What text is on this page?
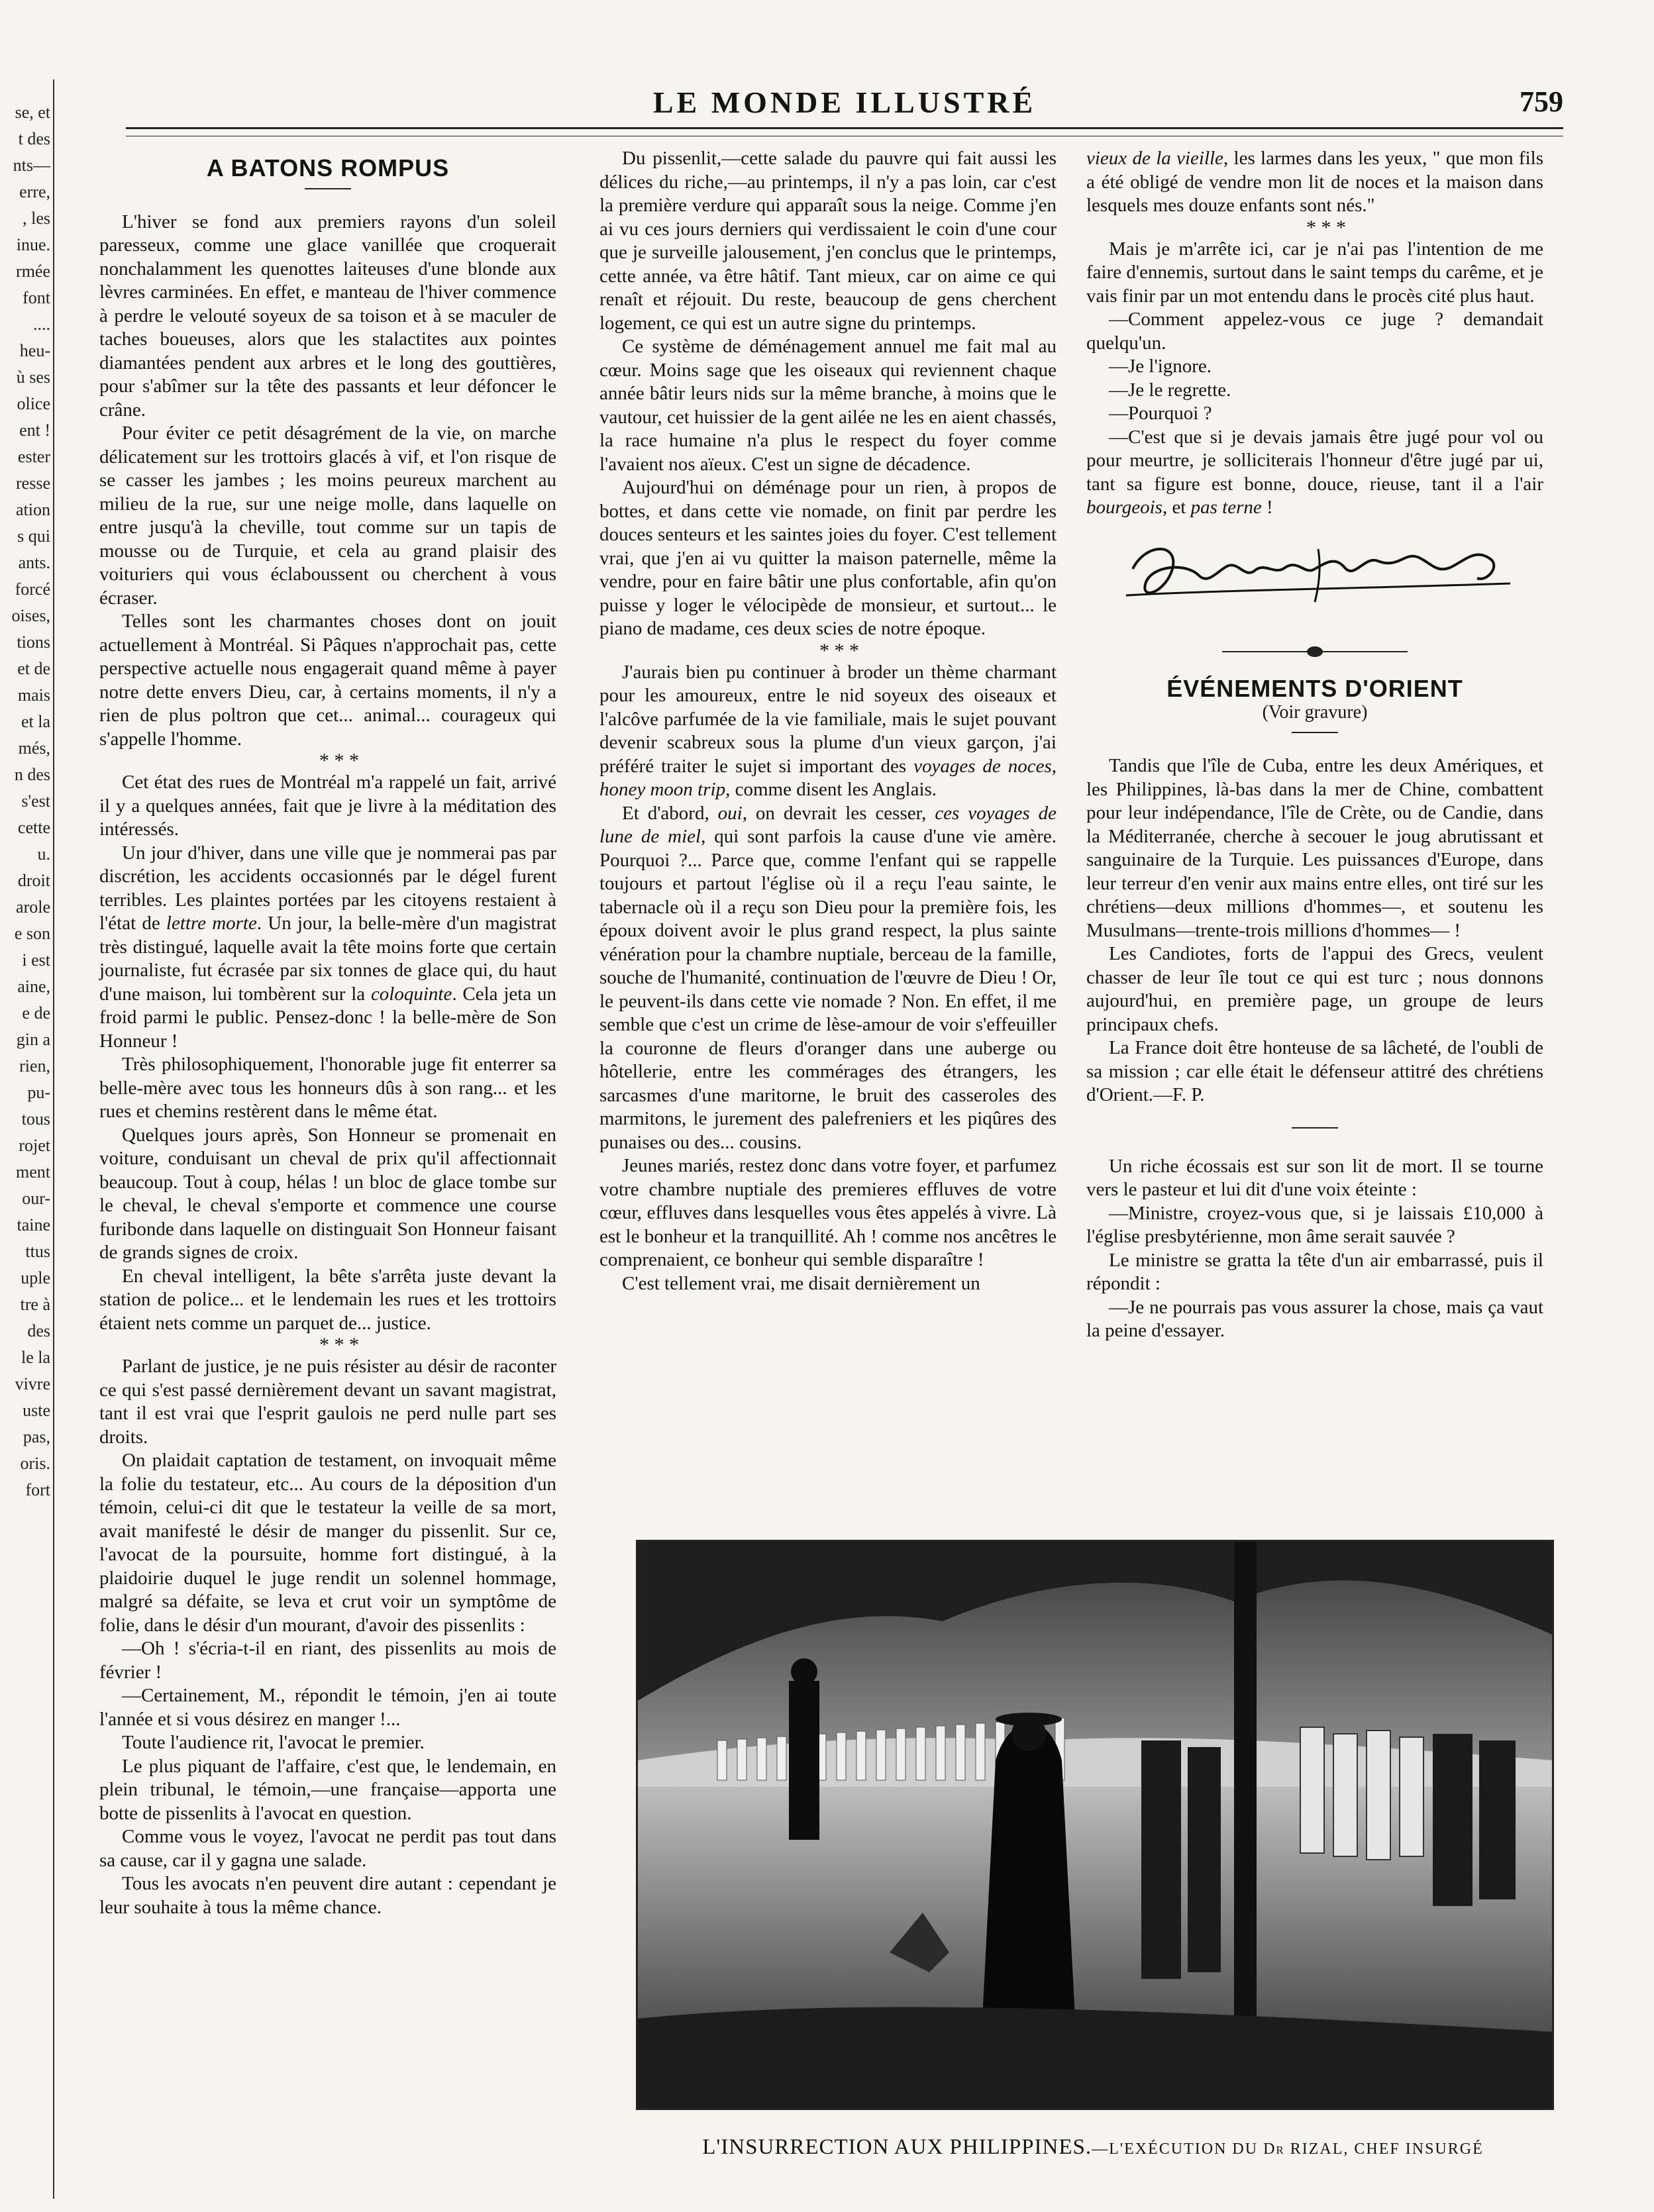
se, et
t des
nts—
erre,
, les
inue.
rmée
font
....
heu-
ù ses
olice
ent !
ester
resse
ation
s qui
ants.
forcé
oises,
tions
et de
mais
et la
més,
n des
s'est
cette
u.
droit
arole
e son
i est
aine,
e de
gin a
rien,
pu-
tous
rojet
ment
our-
taine
ttus
uple
tre à
des
le la
vivre
uste
pas,
oris.
fort
LE MONDE ILLUSTRÉ	759
A BATONS ROMPUS

L'hiver se fond aux premiers rayons d'un soleil paresseux, comme une glace vanillée que croquerait nonchalamment les quenottes laiteuses d'une blonde aux lèvres carminées. En effet, e manteau de l'hiver commence à perdre le velouté soyeux de sa toison et à se maculer de taches boueuses, alors que les stalactites aux pointes diamantées pendent aux arbres et le long des gouttières, pour s'abîmer sur la tête des passants et leur défoncer le crâne.

Pour éviter ce petit désagrément de la vie, on marche délicatement sur les trottoirs glacés à vif, et l'on risque de se casser les jambes ; les moins peureux marchent au milieu de la rue, sur une neige molle, dans laquelle on entre jusqu'à la cheville, tout comme sur un tapis de mousse ou de Turquie, et cela au grand plaisir des voituriers qui vous éclaboussent ou cherchent à vous écraser.

Telles sont les charmantes choses dont on jouit actuellement à Montréal. Si Pâques n'approchait pas, cette perspective actuelle nous engagerait quand même à payer notre dette envers Dieu, car, à certains moments, il n'y a rien de plus poltron que cet... animal... courageux qui s'appelle l'homme.

* * *

Cet état des rues de Montréal m'a rappelé un fait, arrivé il y a quelques années, fait que je livre à la méditation des intéressés.

Un jour d'hiver, dans une ville que je nommerai pas par discrétion, les accidents occasionnés par le dégel furent terribles. Les plaintes portées par les citoyens restaient à l'état de lettre morte. Un jour, la belle-mère d'un magistrat très distingué, laquelle avait la tête moins forte que certain journaliste, fut écrasée par six tonnes de glace qui, du haut d'une maison, lui tombèrent sur la coloquinte. Cela jeta un froid parmi le public. Pensez-donc ! la belle-mère de Son Honneur !

Très philosophiquement, l'honorable juge fit enterrer sa belle-mère avec tous les honneurs dûs à son rang... et les rues et chemins restèrent dans le même état.

Quelques jours après, Son Honneur se promenait en voiture, conduisant un cheval de prix qu'il affectionnait beaucoup. Tout à coup, hélas ! un bloc de glace tombe sur le cheval, le cheval s'emporte et commence une course furibonde dans laquelle on distinguait Son Honneur faisant de grands signes de croix.

En cheval intelligent, la bête s'arrêta juste devant la station de police... et le lendemain les rues et les trottoirs étaient nets comme un parquet de... justice.

* * *

Parlant de justice, je ne puis résister au désir de raconter ce qui s'est passé dernièrement devant un savant magistrat, tant il est vrai que l'esprit gaulois ne perd nulle part ses droits.

On plaidait captation de testament, on invoquait même la folie du testateur, etc... Au cours de la déposition d'un témoin, celui-ci dit que le testateur la veille de sa mort, avait manifesté le désir de manger du pissenlit. Sur ce, l'avocat de la poursuite, homme fort distingué, à la plaidoirie duquel le juge rendit un solennel hommage, malgré sa défaite, se leva et crut voir un symptôme de folie, dans le désir d'un mourant, d'avoir des pissenlits :

—Oh ! s'écria-t-il en riant, des pissenlits au mois de février !

—Certainement, M., répondit le témoin, j'en ai toute l'année et si vous désirez en manger !...

Toute l'audience rit, l'avocat le premier.

Le plus piquant de l'affaire, c'est que, le lendemain, en plein tribunal, le témoin,—une française—apporta une botte de pissenlits à l'avocat en question.

Comme vous le voyez, l'avocat ne perdit pas tout dans sa cause, car il y gagna une salade.

Tous les avocats n'en peuvent dire autant : cependant je leur souhaite à tous la même chance.

Du pissenlit,—cette salade du pauvre qui fait aussi les délices du riche,—au printemps, il n'y a pas loin, car c'est la première verdure qui apparaît sous la neige. Comme j'en ai vu ces jours derniers qui verdissaient le coin d'une cour que je surveille jalousement, j'en conclus que le printemps, cette année, va être hâtif. Tant mieux, car on aime ce qui renaît et réjouit. Du reste, beaucoup de gens cherchent logement, ce qui est un autre signe du printemps.

Ce système de déménagement annuel me fait mal au cœur. Moins sage que les oiseaux qui reviennent chaque année bâtir leurs nids sur la même branche, à moins que le vautour, cet huissier de la gent ailée ne les en aient chassés, la race humaine n'a plus le respect du foyer comme l'avaient nos aïeux. C'est un signe de décadence.

Aujourd'hui on déménage pour un rien, à propos de bottes, et dans cette vie nomade, on finit par perdre les douces senteurs et les saintes joies du foyer. C'est tellement vrai, que j'en ai vu quitter la maison paternelle, même la vendre, pour en faire bâtir une plus confortable, afin qu'on puisse y loger le vélocipède de monsieur, et surtout... le piano de madame, ces deux scies de notre époque.

* * *

J'aurais bien pu continuer à broder un thème charmant pour les amoureux, entre le nid soyeux des oiseaux et l'alcôve parfumée de la vie familiale, mais le sujet pouvant devenir scabreux sous la plume d'un vieux garçon, j'ai préféré traiter le sujet si important des voyages de noces, honey moon trip, comme disent les Anglais.

Et d'abord, oui, on devrait les cesser, ces voyages de lune de miel, qui sont parfois la cause d'une vie amère. Pourquoi ?... Parce que, comme l'enfant qui se rappelle toujours et partout l'église où il a reçu l'eau sainte, le tabernacle où il a reçu son Dieu pour la première fois, les époux doivent avoir le plus grand respect, la plus sainte vénération pour la chambre nuptiale, berceau de la famille, souche de l'humanité, continuation de l'œuvre de Dieu ! Or, le peuvent-ils dans cette vie nomade ? Non. En effet, il me semble que c'est un crime de lèse-amour de voir s'effeuiller la couronne de fleurs d'oranger dans une auberge ou hôtellerie, entre les commérages des étrangers, les sarcasmes d'une maritorne, le bruit des casseroles des marmitons, le jurement des palefreniers et les piqûres des punaises ou des... cousins.

Jeunes mariés, restez donc dans votre foyer, et parfumez votre chambre nuptiale des premieres effluves de votre cœur, effluves dans lesquelles vous êtes appelés à vivre. Là est le bonheur et la tranquillité. Ah ! comme nos ancêtres le comprenaient, ce bonheur qui semble disparaître !

C'est tellement vrai, me disait dernièrement un

vieux de la vieille, les larmes dans les yeux, " que mon fils a été obligé de vendre mon lit de noces et la maison dans lesquels mes douze enfants sont nés."

* * *

Mais je m'arrête ici, car je n'ai pas l'intention de me faire d'ennemis, surtout dans le saint temps du carême, et je vais finir par un mot entendu dans le procès cité plus haut.

—Comment appelez-vous ce juge ? demandait quelqu'un.

—Je l'ignore.

—Je le regrette.

—Pourquoi ?

—C'est que si je devais jamais être jugé pour vol ou pour meurtre, je solliciterais l'honneur d'être jugé par ui, tant sa figure est bonne, douce, rieuse, tant il a l'air bourgeois, et pas terne !

ÉVÉNEMENTS D'ORIENT

(Voir gravure)

Tandis que l'île de Cuba, entre les deux Amériques, et les Philippines, là-bas dans la mer de Chine, combattent pour leur indépendance, l'île de Crète, ou de Candie, dans la Méditerranée, cherche à secouer le joug abrutissant et sanguinaire de la Turquie. Les puissances d'Europe, dans leur terreur d'en venir aux mains entre elles, ont tiré sur les chrétiens—deux millions d'hommes—, et soutenu les Musulmans—trente-trois millions d'hommes— !

Les Candiotes, forts de l'appui des Grecs, veulent chasser de leur île tout ce qui est turc ; nous donnons aujourd'hui, en première page, un groupe de leurs principaux chefs.

La France doit être honteuse de sa lâcheté, de l'oubli de sa mission ; car elle était le défenseur attitré des chrétiens d'Orient.—F. P.

Un riche écossais est sur son lit de mort. Il se tourne vers le pasteur et lui dit d'une voix éteinte :

—Ministre, croyez-vous que, si je laissais £10,000 à l'église presbytérienne, mon âme serait sauvée ?

Le ministre se gratta la tête d'un air embarrassé, puis il répondit :

—Je ne pourrais pas vous assurer la chose, mais ça vaut la peine d'essayer.

L'INSURRECTION AUX PHILIPPINES.—L'EXÉCUTION DU Dr RIZAL, CHEF INSURGÉ
